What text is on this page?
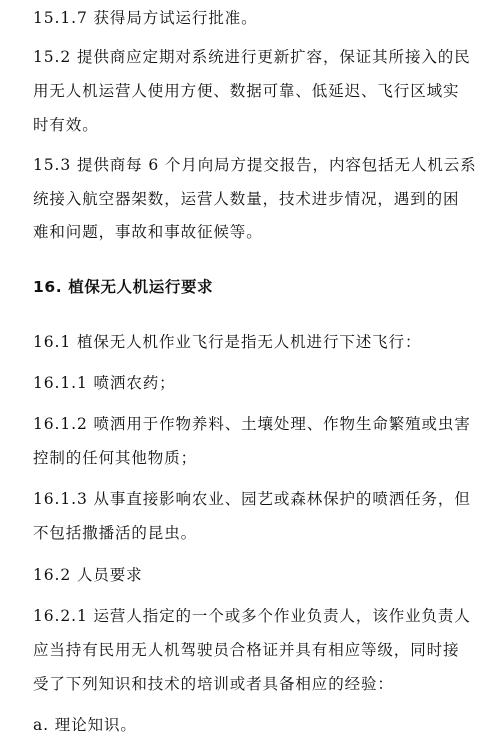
15.1.7 获得局方试运行批准。
15.2 提供商应定期对系统进行更新扩容，保证其所接入的民
用无人机运营人使用方便、数据可靠、低延迟、飞行区域实
时有效。
15.3 提供商每 6 个月向局方提交报告，内容包括无人机云系
统接入航空器架数，运营人数量，技术进步情况，遇到的困
难和问题，事故和事故征候等。
16. 植保无人机运行要求
16.1 植保无人机作业飞行是指无人机进行下述飞行：
16.1.1 喷洒农药；
16.1.2 喷洒用于作物养料、土壤处理、作物生命繁殖或虫害
控制的任何其他物质；
16.1.3 从事直接影响农业、园艺或森林保护的喷洒任务，但
不包括撒播活的昆虫。
16.2 人员要求
16.2.1 运营人指定的一个或多个作业负责人，该作业负责人
应当持有民用无人机驾驶员合格证并具有相应等级，同时接
受了下列知识和技术的培训或者具备相应的经验：
a. 理论知识。
